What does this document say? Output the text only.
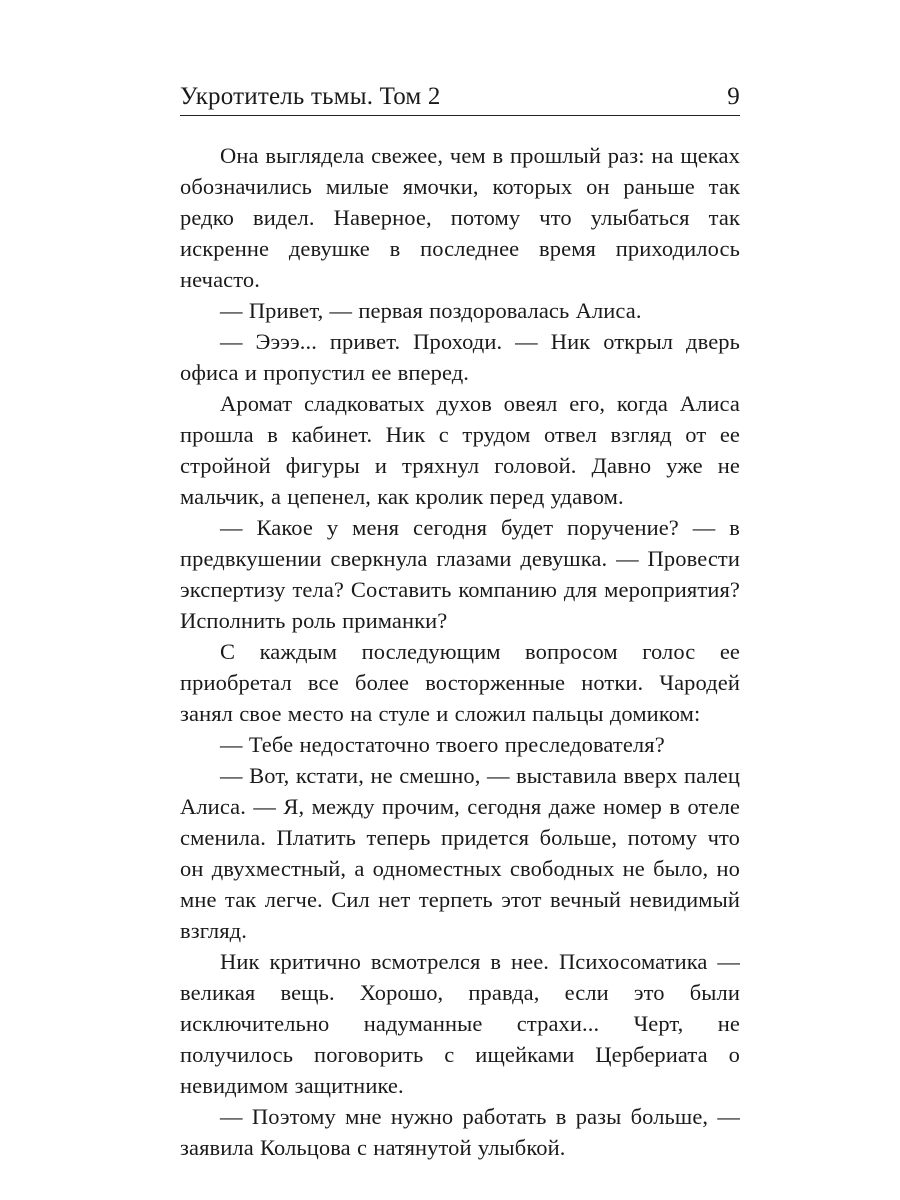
Укротитель тьмы. Том 2	9

Она выглядела свежее, чем в прошлый раз: на щеках обозначились милые ямочки, которых он раньше так редко видел. Наверное, потому что улыбаться так искренне девушке в последнее время приходилось нечасто.

— Привет, — первая поздоровалась Алиса.

— Ээээ... привет. Проходи. — Ник открыл дверь офиса и пропустил ее вперед.

Аромат сладковатых духов овеял его, когда Алиса прошла в кабинет. Ник с трудом отвел взгляд от ее стройной фигуры и тряхнул головой. Давно уже не мальчик, а цепенел, как кролик перед удавом.

— Какое у меня сегодня будет поручение? — в предвкушении сверкнула глазами девушка. — Провести экспертизу тела? Составить компанию для мероприятия? Исполнить роль приманки?

С каждым последующим вопросом голос ее приобретал все более восторженные нотки. Чародей занял свое место на стуле и сложил пальцы домиком:

— Тебе недостаточно твоего преследователя?

— Вот, кстати, не смешно, — выставила вверх палец Алиса. — Я, между прочим, сегодня даже номер в отеле сменила. Платить теперь придется больше, потому что он двухместный, а одноместных свободных не было, но мне так легче. Сил нет терпеть этот вечный невидимый взгляд.

Ник критично всмотрелся в нее. Психосоматика — великая вещь. Хорошо, правда, если это были исключительно надуманные страхи... Черт, не получилось поговорить с ищейками Цербериата о невидимом защитнике.

— Поэтому мне нужно работать в разы больше, — заявила Кольцова с натянутой улыбкой.
